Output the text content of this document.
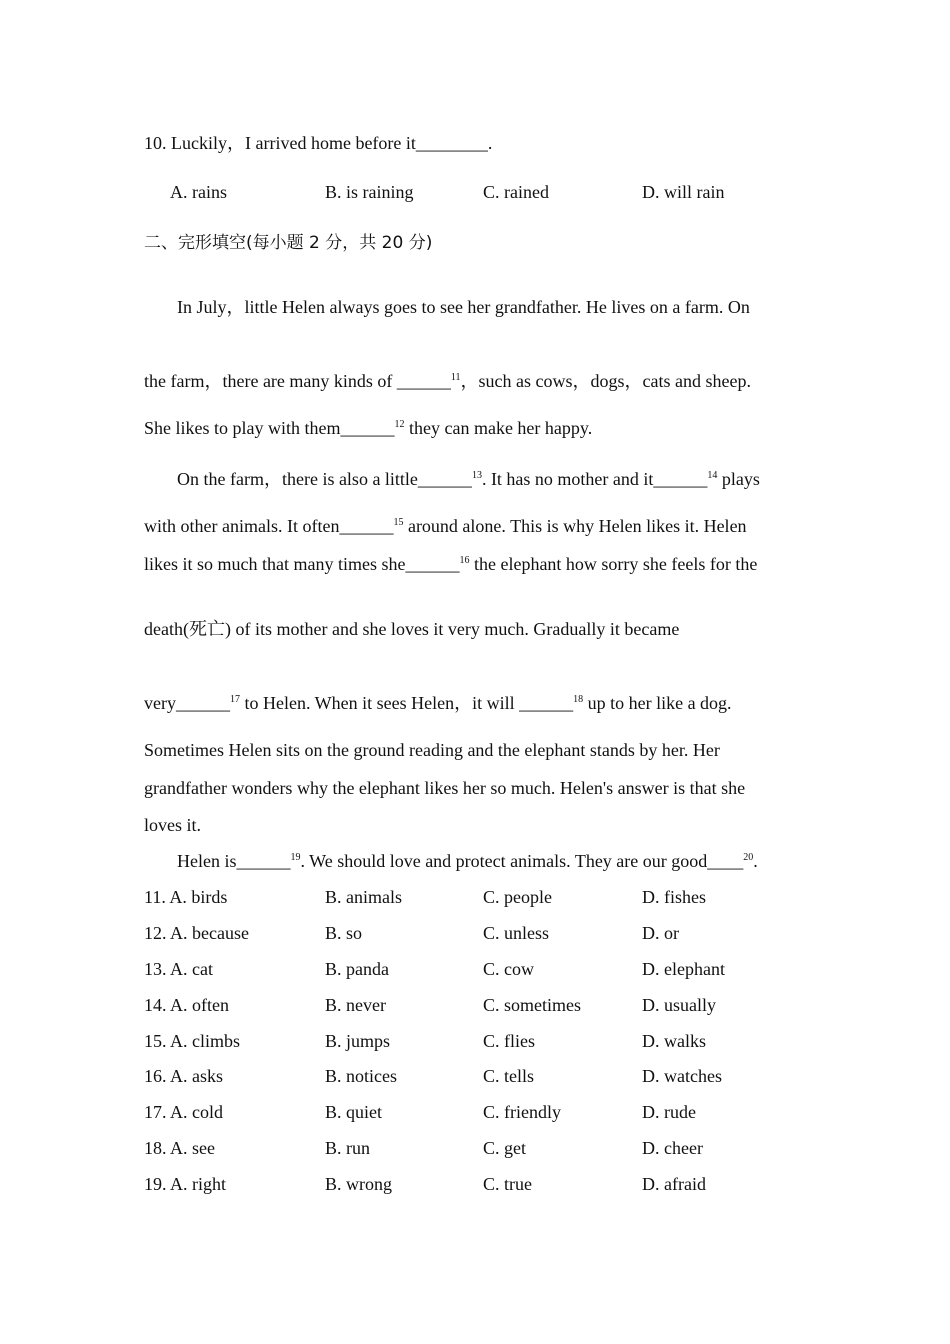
10. Luckily，I arrived home before it________.
A. rains	B. is raining	C. rained	D. will rain
二、完形填空(每小题 2 分，共 20 分)
In July，little Helen always goes to see her grandfather. He lives on a farm. On
the farm，there are many kinds of ______$^{11}$，such as cows，dogs，cats and sheep.
She likes to play with them______$^{12}$ they can make her happy.
On the farm，there is also a little______$^{13}$. It has no mother and it______$^{14}$ plays
with other animals. It often______$^{15}$ around alone. This is why Helen likes it. Helen
likes it so much that many times she______$^{16}$ the elephant how sorry she feels for the
death(死亡) of its mother and she loves it very much. Gradually it became
very______$^{17}$ to Helen. When it sees Helen，it will ______$^{18}$ up to her like a dog.
Sometimes Helen sits on the ground reading and the elephant stands by her. Her
grandfather wonders why the elephant likes her so much. Helen's answer is that she
loves it.
Helen is______$^{19}$. We should love and protect animals. They are our good____$^{20}$.
11. A. birds	B. animals	C. people	D. fishes
12. A. because	B. so	C. unless	D. or
13. A. cat	B. panda	C. cow	D. elephant
14. A. often	B. never	C. sometimes	D. usually
15. A. climbs	B. jumps	C. flies	D. walks
16. A. asks	B. notices	C. tells	D. watches
17. A. cold	B. quiet	C. friendly	D. rude
18. A. see	B. run	C. get	D. cheer
19. A. right	B. wrong	C. true	D. afraid
